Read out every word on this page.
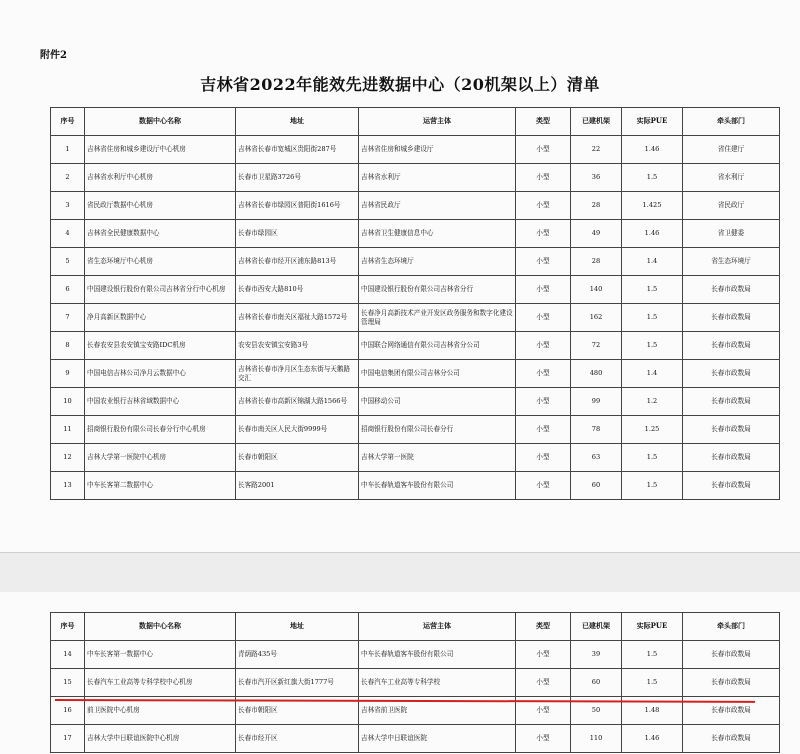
附件2
吉林省2022年能效先进数据中心（20机架以上）清单
序号	数据中心名称	地址	运营主体	类型	已建机架	实际PUE	牵头部门
1	吉林省住房和城乡建设厅中心机房	吉林省长春市宽城区贵阳街287号	吉林省住房和城乡建设厅	小型	22	1.46	省住建厅
2	吉林省水利厅中心机房	长春市卫星路3726号	吉林省水利厅	小型	36	1.5	省水利厅
3	省民政厅数据中心机房	吉林省长春市绿园区普阳街1616号	吉林省民政厅	小型	28	1.425	省民政厅
4	吉林省全民健康数据中心	长春市绿园区	吉林省卫生健康信息中心	小型	49	1.46	省卫健委
5	省生态环境厅中心机房	吉林省长春市经开区浦东路813号	吉林省生态环境厅	小型	28	1.4	省生态环境厅
6	中国建设银行股份有限公司吉林省分行中心机房	长春市西安大路810号	中国建设银行股份有限公司吉林省分行	小型	140	1.5	长春市政数局
7	净月高新区数据中心	吉林省长春市南关区福祉大路1572号	长春净月高新技术产业开发区政务服务和数字化建设管理局	小型	162	1.5	长春市政数局
8	长春农安县农安镇宝安路IDC机房	农安县农安镇宝安路3号	中国联合网络通信有限公司吉林省分公司	小型	72	1.5	长春市政数局
9	中国电信吉林公司净月云数据中心	吉林省长春市净月区生态东街与天鹅路交汇	中国电信集团有限公司吉林分公司	小型	480	1.4	长春市政数局
10	中国农业银行吉林省域数据中心	吉林省长春市高新区锦湖大路1566号	中国移动公司	小型	99	1.2	长春市政数局
11	招商银行股份有限公司长春分行中心机房	长春市南关区人民大街9999号	招商银行股份有限公司长春分行	小型	78	1.25	长春市政数局
12	吉林大学第一医院中心机房	长春市朝阳区	吉林大学第一医院	小型	63	1.5	长春市政数局
13	中车长客第二数据中心	长客路2001	中车长春轨道客车股份有限公司	小型	60	1.5	长春市政数局
序号	数据中心名称	地址	运营主体	类型	已建机架	实际PUE	牵头部门
14	中车长客第一数据中心	青荫路435号	中车长春轨道客车股份有限公司	小型	39	1.5	长春市政数局
15	长春汽车工业高等专科学校中心机房	长春市汽开区新红旗大街1777号	长春汽车工业高等专科学校	小型	60	1.5	长春市政数局
16	前卫医院中心机房	长春市朝阳区	吉林省前卫医院	小型	50	1.48	长春市政数局
17	吉林大学中日联谊医院中心机房	长春市经开区	吉林大学中日联谊医院	小型	110	1.46	长春市政数局
